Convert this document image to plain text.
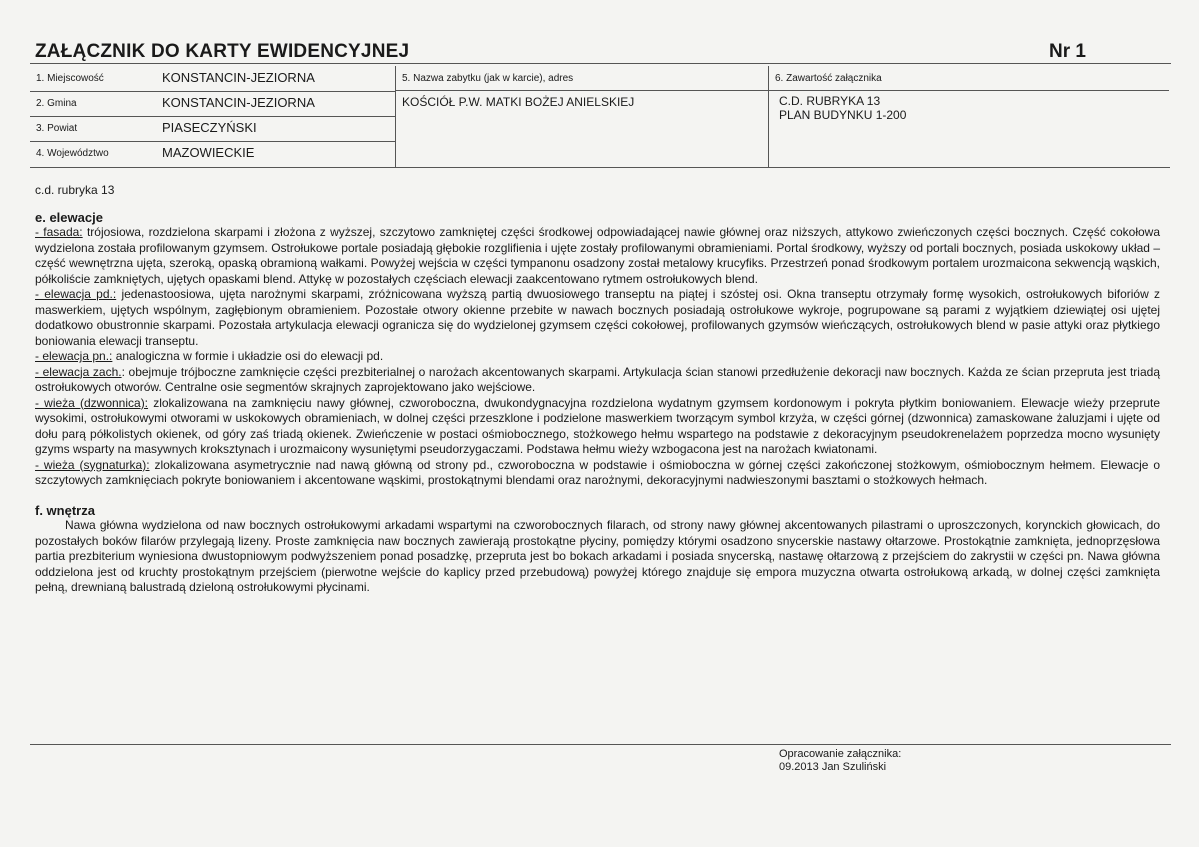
ZAŁĄCZNIK DO KARTY EWIDENCYJNEJ	Nr 1
1. Miejscowość	KONSTANCIN-JEZIORNA
2. Gmina	KONSTANCIN-JEZIORNA
3. Powiat	PIASECZYŃSKI
4. Województwo	MAZOWIECKIE
5. Nazwa zabytku (jak w karcie), adres
KOŚCIÓŁ P.W. MATKI BOŻEJ ANIELSKIEJ
6. Zawartość załącznika
C.D. RUBRYKA 13
PLAN BUDYNKU 1-200
c.d. rubryka 13
e. elewacje
- fasada: trójosiowa, rozdzielona skarpami i złożona z wyższej, szczytowo zamkniętej części środkowej odpowiadającej nawie głównej oraz niższych, attykowo zwieńczonych części bocznych. Część cokołowa wydzielona została profilowanym gzymsem. Ostrołukowe portale posiadają głębokie rozglifienia i ujęte zostały profilowanymi obramieniami. Portal środkowy, wyższy od portali bocznych, posiada uskokowy układ – część wewnętrzna ujęta, szeroką, opaską obramioną wałkami. Powyżej wejścia w części tympanonu osadzony został metalowy krucyfiks. Przestrzeń ponad środkowym portalem urozmaicona sekwencją wąskich, półkoliście zamkniętych, ujętych opaskami blend. Attykę w pozostałych częściach elewacji zaakcentowano rytmem ostrołukowych blend.
- elewacja pd.: jedenastoosiowa, ujęta narożnymi skarpami, zróżnicowana wyższą partią dwuosiowego transeptu na piątej i szóstej osi. Okna transeptu otrzymały formę wysokich, ostrołukowych biforiów z maswerkiem, ujętych wspólnym, zagłębionym obramieniem. Pozostałe otwory okienne przebite w nawach bocznych posiadają ostrołukowe wykroje, pogrupowane są parami z wyjątkiem dziewiątej osi ujętej dodatkowo obustronnie skarpami. Pozostała artykulacja elewacji ogranicza się do wydzielonej gzymsem części cokołowej, profilowanych gzymsów wieńczących, ostrołukowych blend w pasie attyki oraz płytkiego boniowania elewacji transeptu.
- elewacja pn.: analogiczna w formie i układzie osi do elewacji pd.
- elewacja zach.: obejmuje trójboczne zamknięcie części prezbiterialnej o narożach akcentowanych skarpami. Artykulacja ścian stanowi przedłużenie dekoracji naw bocznych. Każda ze ścian przepruta jest triadą ostrołukowych otworów. Centralne osie segmentów skrajnych zaprojektowano jako wejściowe.
- wieża (dzwonnica): zlokalizowana na zamknięciu nawy głównej, czworoboczna, dwukondygnacyjna rozdzielona wydatnym gzymsem kordonowym i pokryta płytkim boniowaniem. Elewacje wieży przeprute wysokimi, ostrołukowymi otworami w uskokowych obramieniach, w dolnej części przeszklone i podzielone maswerkiem tworzącym symbol krzyża, w części górnej (dzwonnica) zamaskowane żaluzjami i ujęte od dołu parą półkolistych okienek, od góry zaś triadą okienek. Zwieńczenie w postaci ośmiobocznego, stożkowego hełmu wspartego na podstawie z dekoracyjnym pseudokrenelażem poprzedza mocno wysunięty gzyms wsparty na masywnych kroksztynach i urozmaicony wysuniętymi pseudorzygaczami. Podstawa hełmu wieży wzbogacona jest na narożach kwiatonami.
- wieża (sygnaturka): zlokalizowana asymetrycznie nad nawą główną od strony pd., czworoboczna w podstawie i ośmioboczna w górnej części zakończonej stożkowym, ośmiobocznym hełmem. Elewacje o szczytowych zamknięciach pokryte boniowaniem i akcentowane wąskimi, prostokątnymi blendami oraz narożnymi, dekoracyjnymi nadwieszonymi basztami o stożkowych hełmach.
f. wnętrza
Nawa główna wydzielona od naw bocznych ostrołukowymi arkadami wspartymi na czworobocznych filarach, od strony nawy głównej akcentowanych pilastrami o uproszczonych, korynckich głowicach, do pozostałych boków filarów przylegają lizeny. Proste zamknięcia naw bocznych zawierają prostokątne płyciny, pomiędzy którymi osadzono snycerskie nastawy ołtarzowe. Prostokątnie zamknięta, jednoprzęsłowa partia prezbiterium wyniesiona dwustopniowym podwyższeniem ponad posadzkę, przepruta jest bo bokach arkadami i posiada snycerską, nastawę ołtarzową z przejściem do zakrystii w części pn. Nawa główna oddzielona jest od kruchty prostokątnym przejściem (pierwotne wejście do kaplicy przed przebudową) powyżej którego znajduje się empora muzyczna otwarta ostrołukową arkadą, w dolnej części zamknięta pełną, drewnianą balustradą dzieloną ostrołukowymi płycinami.
Opracowanie załącznika:
09.2013 Jan Szuliński
